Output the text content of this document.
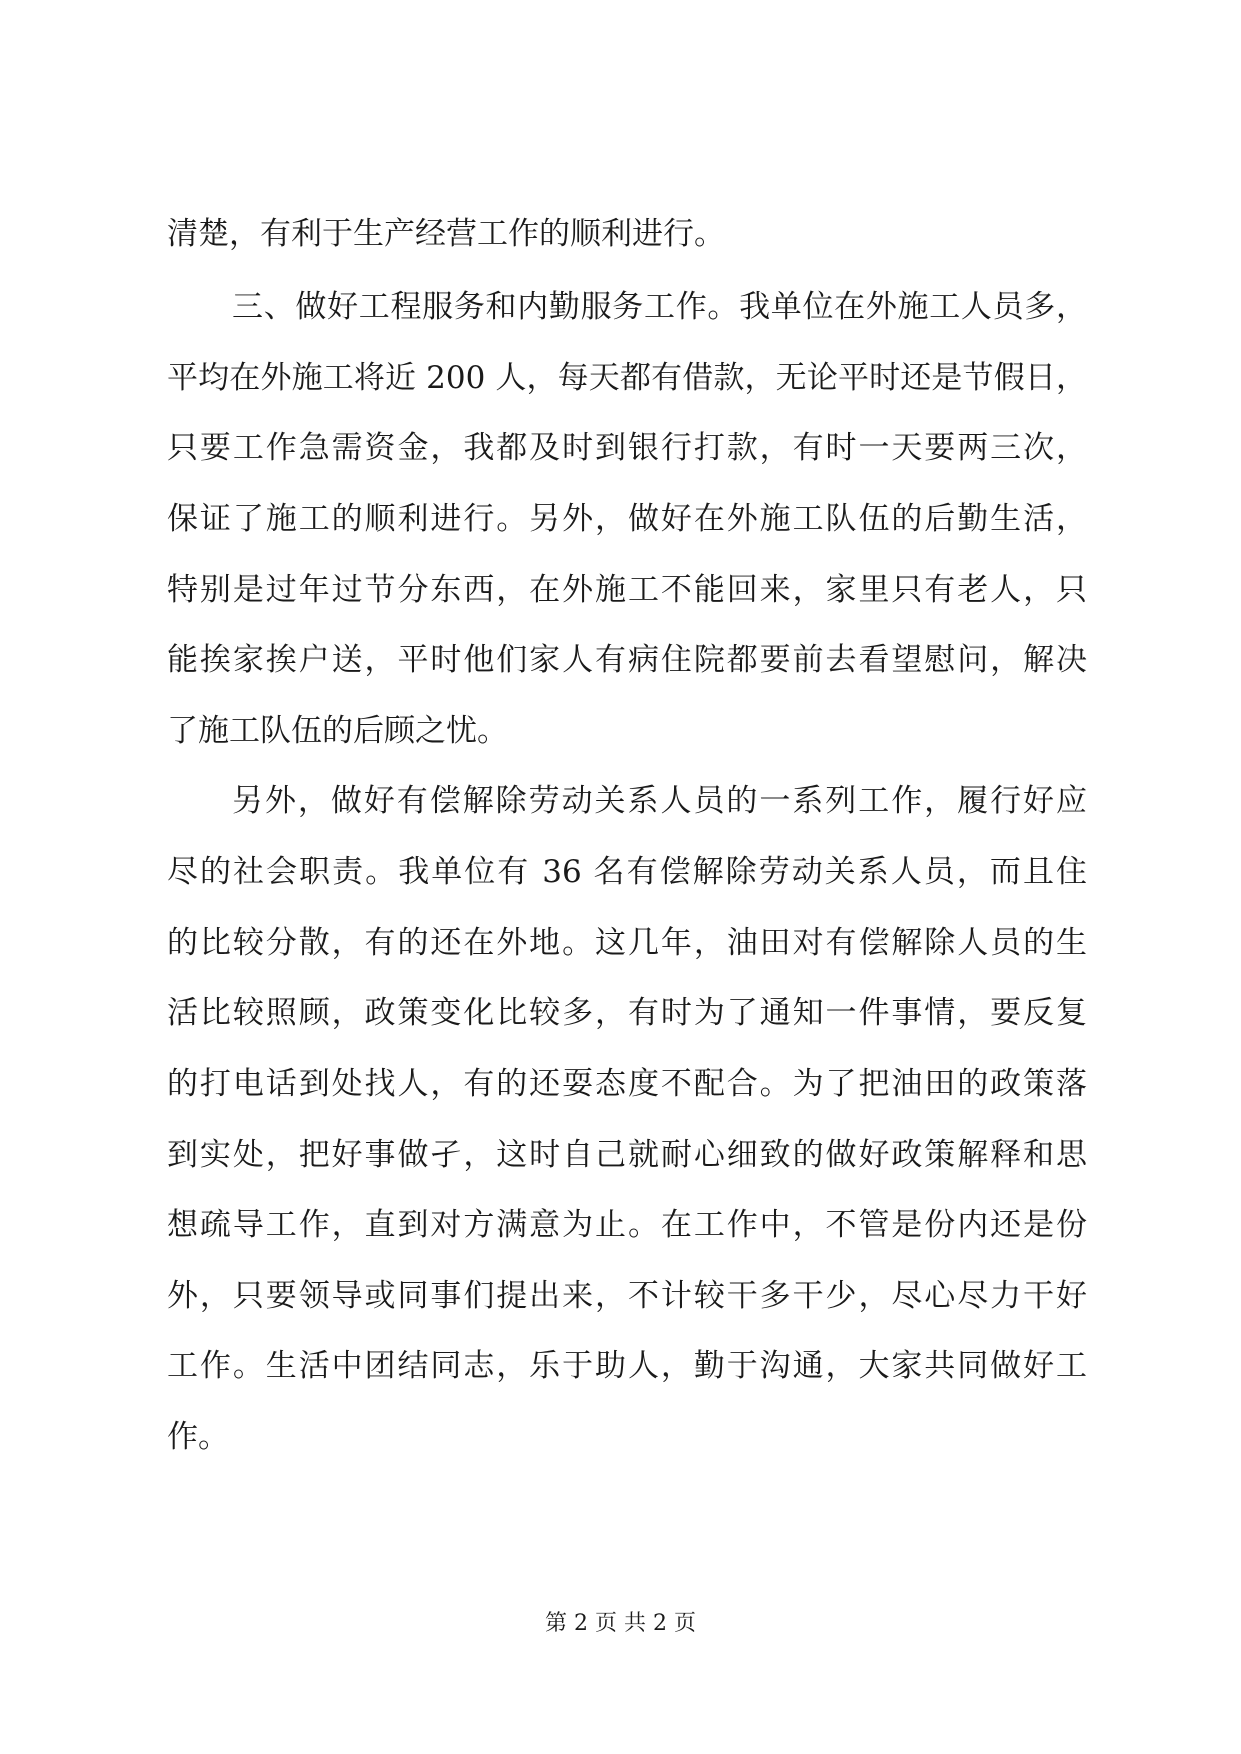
清楚，有利于生产经营工作的顺利进行。
三、做好工程服务和内勤服务工作。我单位在外施工人员多，
平均在外施工将近 200 人，每天都有借款，无论平时还是节假日，
只要工作急需资金，我都及时到银行打款，有时一天要两三次，
保证了施工的顺利进行。另外，做好在外施工队伍的后勤生活，
特别是过年过节分东西，在外施工不能回来，家里只有老人，只
能挨家挨户送，平时他们家人有病住院都要前去看望慰问，解决
了施工队伍的后顾之忧。
另外，做好有偿解除劳动关系人员的一系列工作，履行好应
尽的社会职责。我单位有 36 名有偿解除劳动关系人员，而且住
的比较分散，有的还在外地。这几年，油田对有偿解除人员的生
活比较照顾，政策变化比较多，有时为了通知一件事情，要反复
的打电话到处找人，有的还耍态度不配合。为了把油田的政策落
到实处，把好事做孑，这时自己就耐心细致的做好政策解释和思
想疏导工作，直到对方满意为止。在工作中，不管是份内还是份
外，只要领导或同事们提出来，不计较干多干少，尽心尽力干好
工作。生活中团结同志，乐于助人，勤于沟通，大家共同做好工
作。
第 2 页 共 2 页
